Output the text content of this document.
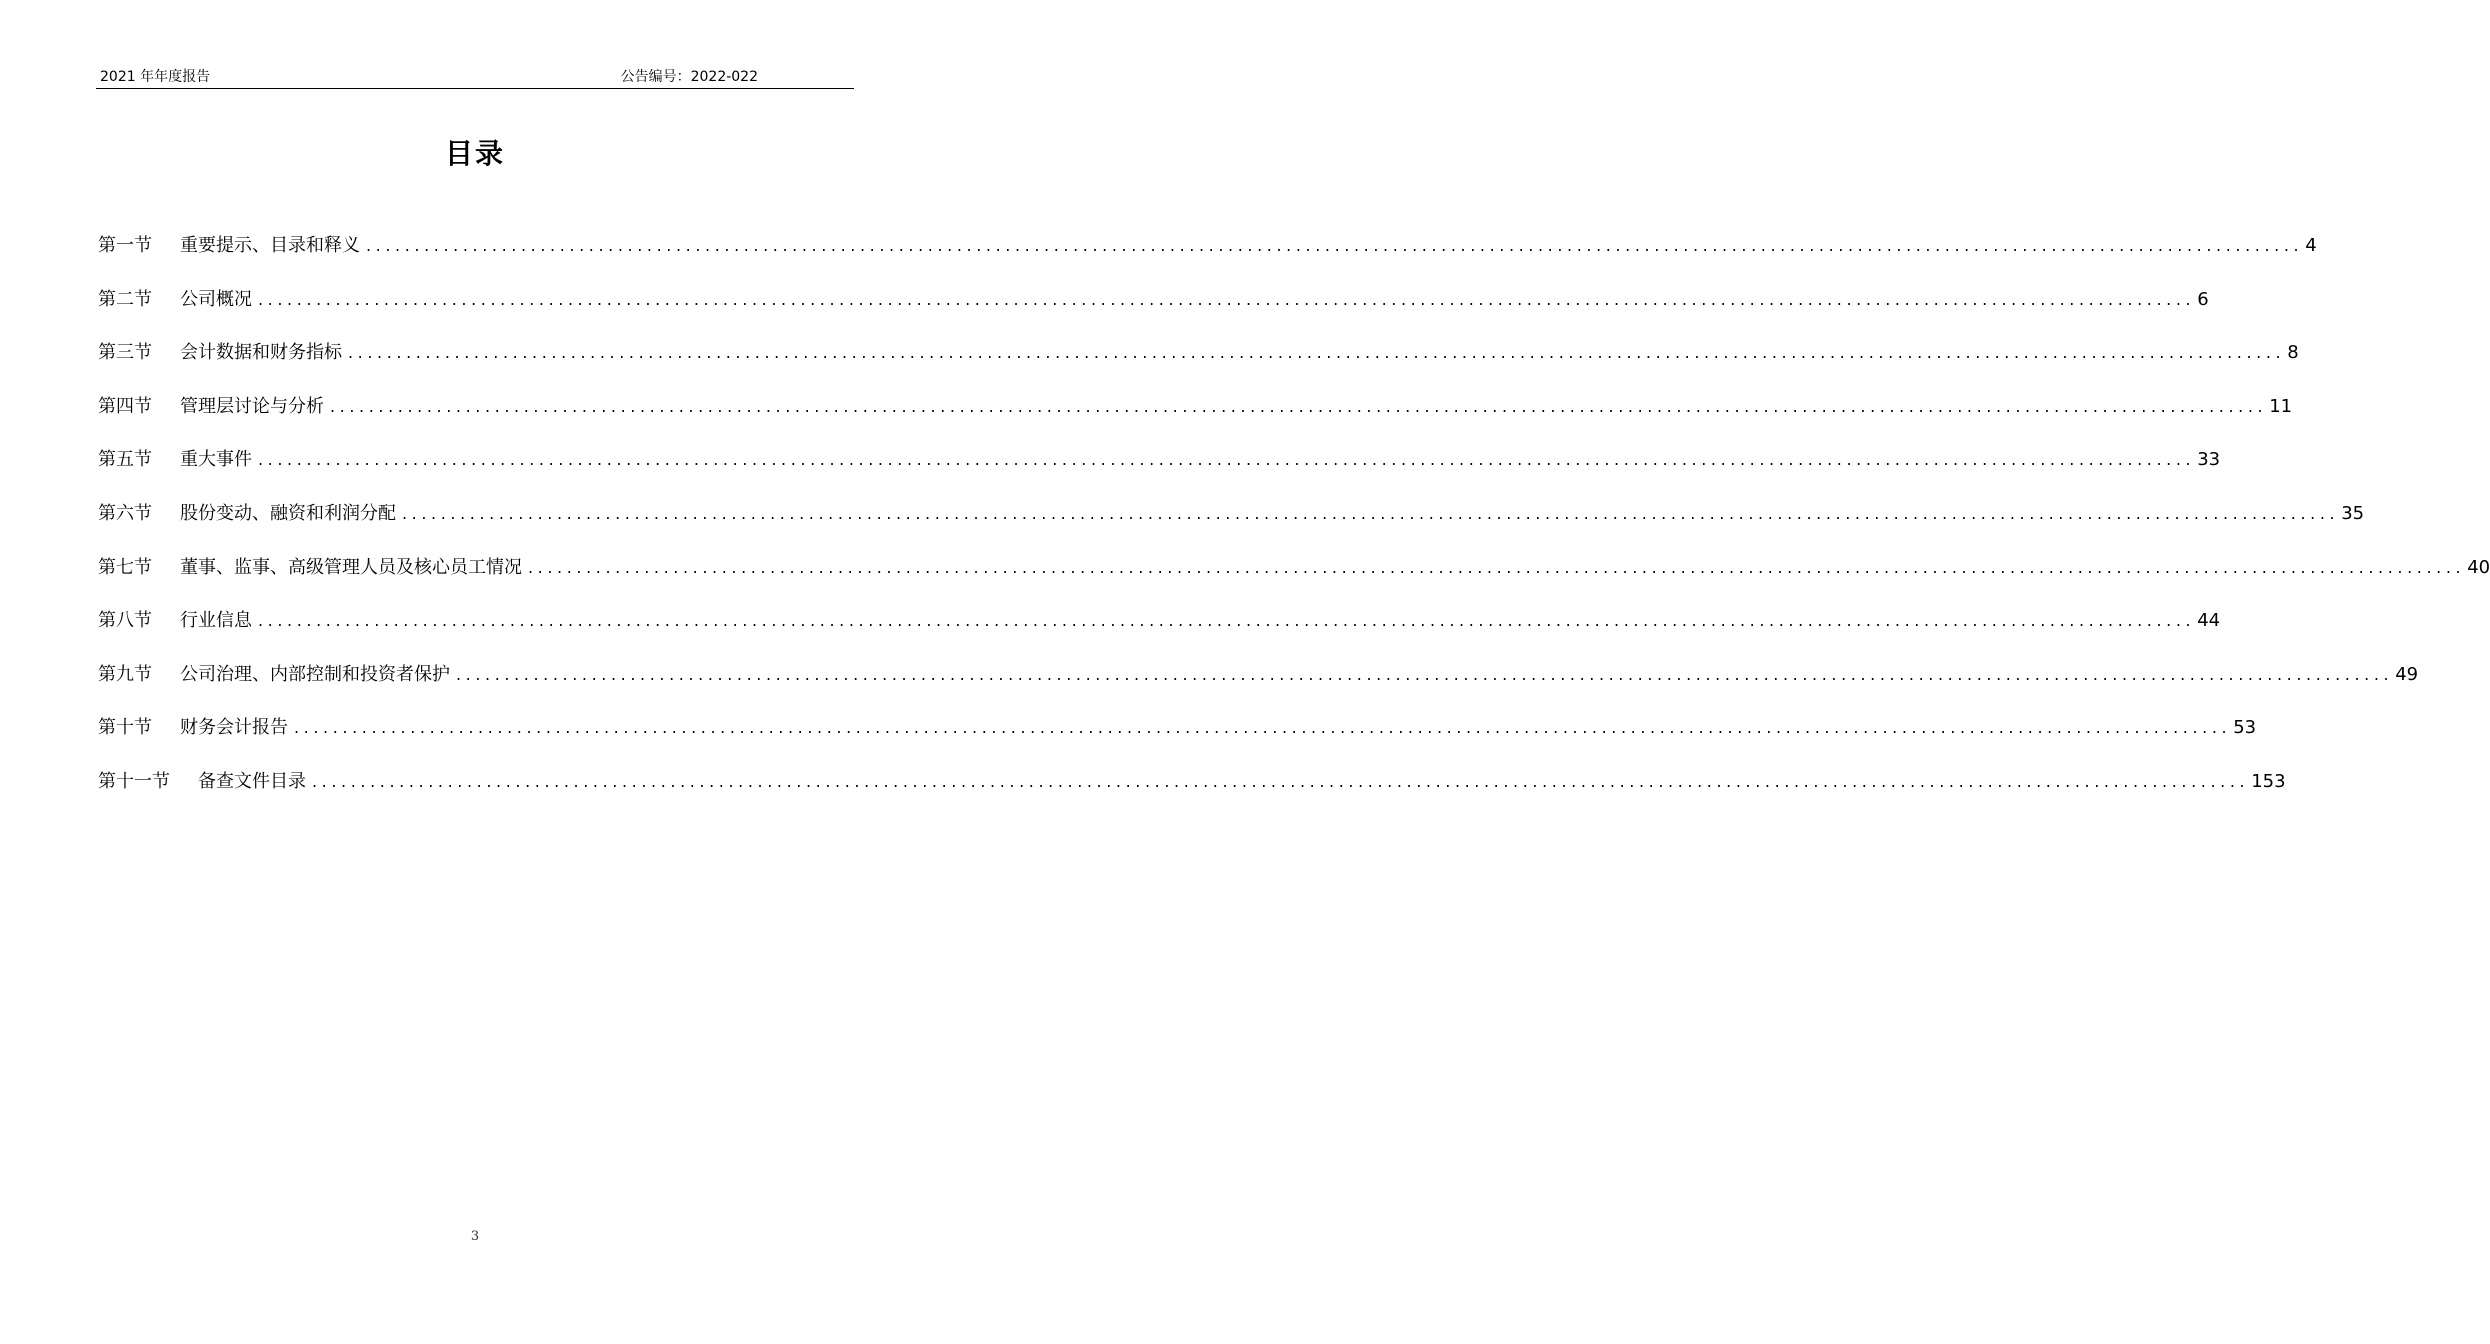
2021 年年度报告	公告编号：2022-022
目录
第一节 重要提示、目录和释义 ........................................................................................................................................................................................................ 4
第二节 公司概况 ........................................................................................................................................................................................................ 6
第三节 会计数据和财务指标 ........................................................................................................................................................................................................ 8
第四节 管理层讨论与分析 ........................................................................................................................................................................................................ 11
第五节 重大事件 ........................................................................................................................................................................................................ 33
第六节 股份变动、融资和利润分配 ........................................................................................................................................................................................................ 35
第七节 董事、监事、高级管理人员及核心员工情况 ........................................................................................................................................................................................................ 40
第八节 行业信息 ........................................................................................................................................................................................................ 44
第九节 公司治理、内部控制和投资者保护 ........................................................................................................................................................................................................ 49
第十节 财务会计报告 ........................................................................................................................................................................................................ 53
第十一节 备查文件目录 ........................................................................................................................................................................................................ 153
3
